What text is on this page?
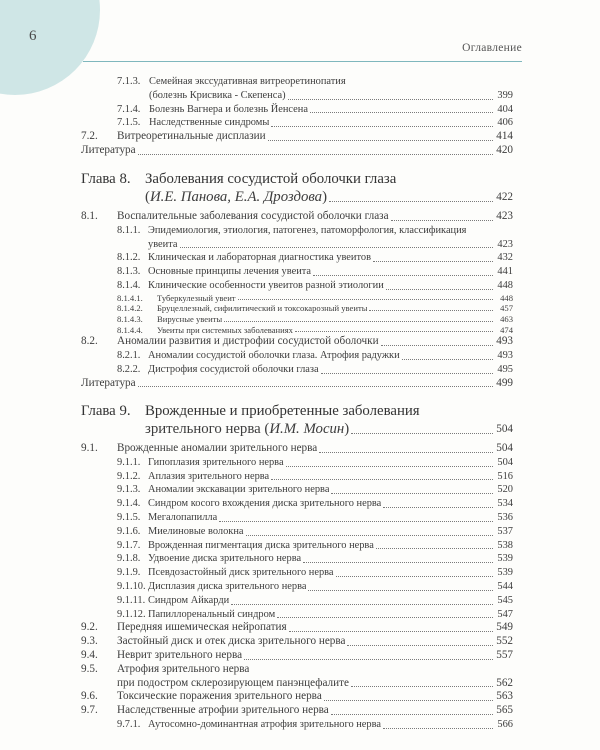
6
Оглавление
7.1.3. Семейная экссудативная витреоретинопатия
(болезнь Крисвика - Скепенса)	399
7.1.4. Болезнь Вагнера и болезнь Йенсена	404
7.1.5. Наследственные синдромы	406
7.2.	Витреоретинальные дисплазии	414
Литература	420
Глава 8. Заболевания сосудистой оболочки глаза
( И.Е. Панова, Е.А. Дроздова )	422
8.1.	Воспалительные заболевания сосудистой оболочки глаза	423
8.1.1. Эпидемиология, этиология, патогенез, патоморфология, классификация
увеита	423
8.1.2. Клиническая и лабораторная диагностика увеитов	432
8.1.3. Основные принципы лечения увеита	441
8.1.4. Клинические особенности увеитов разной этиологии	448
8.1.4.1.	Туберкулезный увеит	448
8.1.4.2.	Бруцеллезный, сифилитический и токсокарозный увеиты	457
8.1.4.3.	Вирусные увеиты	463
8.1.4.4.	Увеиты при системных заболеваниях	474
8.2.	Аномалии развития и дистрофии сосудистой оболочки	493
8.2.1. Аномалии сосудистой оболочки глаза. Атрофия радужки	493
8.2.2. Дистрофия сосудистой оболочки глаза	495
Литература	499
Глава 9. Врожденные и приобретенные заболевания
зрительного нерва
( И.М. Мосин )	504
9.1.	Врожденные аномалии зрительного нерва	504
9.1.1. Гипоплазия зрительного нерва	504
9.1.2. Аплазия зрительного нерва	516
9.1.3. Аномалии экскавации зрительного нерва	520
9.1.4. Синдром косого вхождения диска зрительного нерва	534
9.1.5. Мегалопапилла	536
9.1.6. Миелиновые волокна	537
9.1.7. Врожденная пигментация диска зрительного нерва	538
9.1.8. Удвоение диска зрительного нерва	539
9.1.9. Псевдозастойный диск зрительного нерва	539
9.1.10. Дисплазия диска зрительного нерва	544
9.1.11. Синдром Айкарди	545
9.1.12. Папиллоренальный синдром	547
9.2.	Передняя ишемическая нейропатия	549
9.3.	Застойный диск и отек диска зрительного нерва	552
9.4.	Неврит зрительного нерва	557
9.5.	Атрофия зрительного нерва
при подостром склерозирующем панэнцефалите	562
9.6.	Токсические поражения зрительного нерва	563
9.7.	Наследственные атрофии зрительного нерва	565
9.7.1. Аутосомно-доминантная атрофия зрительного нерва	566
